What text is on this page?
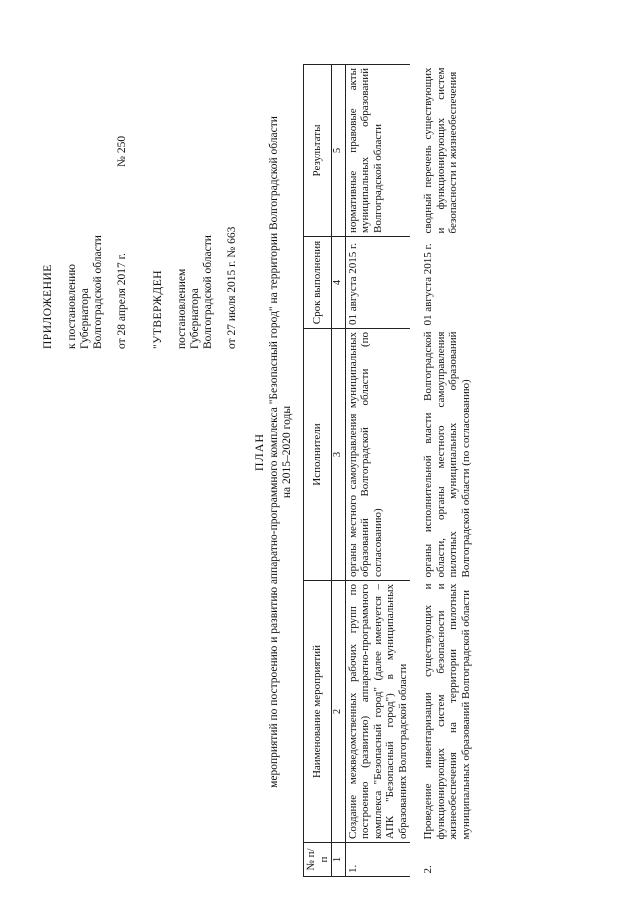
ПРИЛОЖЕНИЕ к постановлению Губернатора Волгоградской области от 28 апреля 2017 г.
№ 250
"УТВЕРЖДЕН постановлением Губернатора Волгоградской области от 27 июля 2015 г. № 663
ПЛАН мероприятий по построению и развитию аппаратно-программного комплекса "Безопасный город" на территории Волгоградской области на 2015–2020 годы
№ п/п	Наименование мероприятий	Исполнители	Срок выполнения	Результаты
1	2	3	4	5
1.	Создание межведомственных рабочих групп по построению (развитию) аппаратно-программного комплекса "Безопасный город" (далее именуется – АПК "Безопасный город") в муниципальных образованиях Волгоградской области	органы местного самоуправления муниципальных образований Волгоградской области (по согласованию)	01 августа 2015 г.	нормативные правовые акты муниципальных образований Волгоградской области
2.	Проведение инвентаризации существующих и функционирующих систем безопасности и жизнеобеспечения на территории пилотных муниципальных образований Волгоградской области	органы исполнительной власти Волгоградской области, органы местного самоуправления пилотных муниципальных образований Волгоградской области (по согласованию)	01 августа 2015 г.	сводный перечень существующих и функционирующих систем безопасности и жизнеобеспечения
